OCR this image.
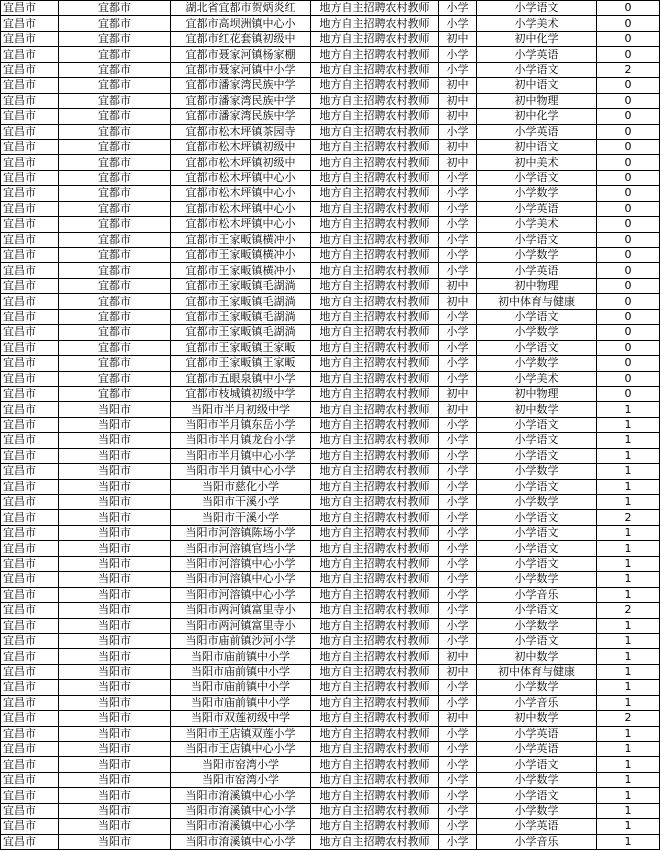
宜昌市	宜都市	湖北省宜都市贺炳炎红	地方自主招聘农村教师	小学	小学语文	0
宜昌市	宜都市	宜都市高坝洲镇中心小	地方自主招聘农村教师	小学	小学美术	0
宜昌市	宜都市	宜都市红花套镇初级中	地方自主招聘农村教师	初中	初中化学	0
宜昌市	宜都市	宜都市聂家河镇杨家棚	地方自主招聘农村教师	小学	小学英语	0
宜昌市	宜都市	宜都市聂家河镇中小学	地方自主招聘农村教师	小学	小学语文	2
宜昌市	宜都市	宜都市潘家湾民族中学	地方自主招聘农村教师	初中	初中语文	0
宜昌市	宜都市	宜都市潘家湾民族中学	地方自主招聘农村教师	初中	初中物理	0
宜昌市	宜都市	宜都市潘家湾民族中学	地方自主招聘农村教师	初中	初中化学	0
宜昌市	宜都市	宜都市松木坪镇茶园寺	地方自主招聘农村教师	小学	小学英语	0
宜昌市	宜都市	宜都市松木坪镇初级中	地方自主招聘农村教师	初中	初中语文	0
宜昌市	宜都市	宜都市松木坪镇初级中	地方自主招聘农村教师	初中	初中美术	0
宜昌市	宜都市	宜都市松木坪镇中心小	地方自主招聘农村教师	小学	小学语文	0
宜昌市	宜都市	宜都市松木坪镇中心小	地方自主招聘农村教师	小学	小学数学	0
宜昌市	宜都市	宜都市松木坪镇中心小	地方自主招聘农村教师	小学	小学英语	0
宜昌市	宜都市	宜都市松木坪镇中心小	地方自主招聘农村教师	小学	小学美术	0
宜昌市	宜都市	宜都市王家畈镇横冲小	地方自主招聘农村教师	小学	小学语文	0
宜昌市	宜都市	宜都市王家畈镇横冲小	地方自主招聘农村教师	小学	小学数学	0
宜昌市	宜都市	宜都市王家畈镇横冲小	地方自主招聘农村教师	小学	小学英语	0
宜昌市	宜都市	宜都市王家畈镇毛湖淌	地方自主招聘农村教师	初中	初中物理	0
宜昌市	宜都市	宜都市王家畈镇毛湖淌	地方自主招聘农村教师	初中	初中体育与健康	0
宜昌市	宜都市	宜都市王家畈镇毛湖淌	地方自主招聘农村教师	小学	小学语文	0
宜昌市	宜都市	宜都市王家畈镇毛湖淌	地方自主招聘农村教师	小学	小学数学	0
宜昌市	宜都市	宜都市王家畈镇王家畈	地方自主招聘农村教师	小学	小学语文	0
宜昌市	宜都市	宜都市王家畈镇王家畈	地方自主招聘农村教师	小学	小学数学	0
宜昌市	宜都市	宜都市五眼泉镇中小学	地方自主招聘农村教师	小学	小学美术	0
宜昌市	宜都市	宜都市枝城镇初级中学	地方自主招聘农村教师	初中	初中物理	0
宜昌市	当阳市	当阳市半月初级中学	地方自主招聘农村教师	初中	初中数学	1
宜昌市	当阳市	当阳市半月镇东岳小学	地方自主招聘农村教师	小学	小学语文	1
宜昌市	当阳市	当阳市半月镇龙台小学	地方自主招聘农村教师	小学	小学语文	1
宜昌市	当阳市	当阳市半月镇中心小学	地方自主招聘农村教师	小学	小学语文	1
宜昌市	当阳市	当阳市半月镇中心小学	地方自主招聘农村教师	小学	小学数学	1
宜昌市	当阳市	当阳市慈化小学	地方自主招聘农村教师	小学	小学语文	1
宜昌市	当阳市	当阳市干溪小学	地方自主招聘农村教师	小学	小学数学	1
宜昌市	当阳市	当阳市干溪小学	地方自主招聘农村教师	小学	小学语文	2
宜昌市	当阳市	当阳市河溶镇陈场小学	地方自主招聘农村教师	小学	小学语文	1
宜昌市	当阳市	当阳市河溶镇官垱小学	地方自主招聘农村教师	小学	小学语文	1
宜昌市	当阳市	当阳市河溶镇中心小学	地方自主招聘农村教师	小学	小学语文	1
宜昌市	当阳市	当阳市河溶镇中心小学	地方自主招聘农村教师	小学	小学数学	1
宜昌市	当阳市	当阳市河溶镇中心小学	地方自主招聘农村教师	小学	小学音乐	1
宜昌市	当阳市	当阳市两河镇富里寺小	地方自主招聘农村教师	小学	小学语文	2
宜昌市	当阳市	当阳市两河镇富里寺小	地方自主招聘农村教师	小学	小学数学	1
宜昌市	当阳市	当阳市庙前镇沙河小学	地方自主招聘农村教师	小学	小学语文	1
宜昌市	当阳市	当阳市庙前镇中小学	地方自主招聘农村教师	初中	初中数学	1
宜昌市	当阳市	当阳市庙前镇中小学	地方自主招聘农村教师	初中	初中体育与健康	1
宜昌市	当阳市	当阳市庙前镇中小学	地方自主招聘农村教师	小学	小学数学	1
宜昌市	当阳市	当阳市庙前镇中小学	地方自主招聘农村教师	小学	小学音乐	1
宜昌市	当阳市	当阳市双莲初级中学	地方自主招聘农村教师	初中	初中数学	2
宜昌市	当阳市	当阳市王店镇双莲小学	地方自主招聘农村教师	小学	小学英语	1
宜昌市	当阳市	当阳市王店镇中心小学	地方自主招聘农村教师	小学	小学英语	1
宜昌市	当阳市	当阳市窑湾小学	地方自主招聘农村教师	小学	小学语文	1
宜昌市	当阳市	当阳市窑湾小学	地方自主招聘农村教师	小学	小学数学	1
宜昌市	当阳市	当阳市淯溪镇中心小学	地方自主招聘农村教师	小学	小学语文	1
宜昌市	当阳市	当阳市淯溪镇中心小学	地方自主招聘农村教师	小学	小学数学	1
宜昌市	当阳市	当阳市淯溪镇中心小学	地方自主招聘农村教师	小学	小学英语	1
宜昌市	当阳市	当阳市淯溪镇中心小学	地方自主招聘农村教师	小学	小学音乐	1
